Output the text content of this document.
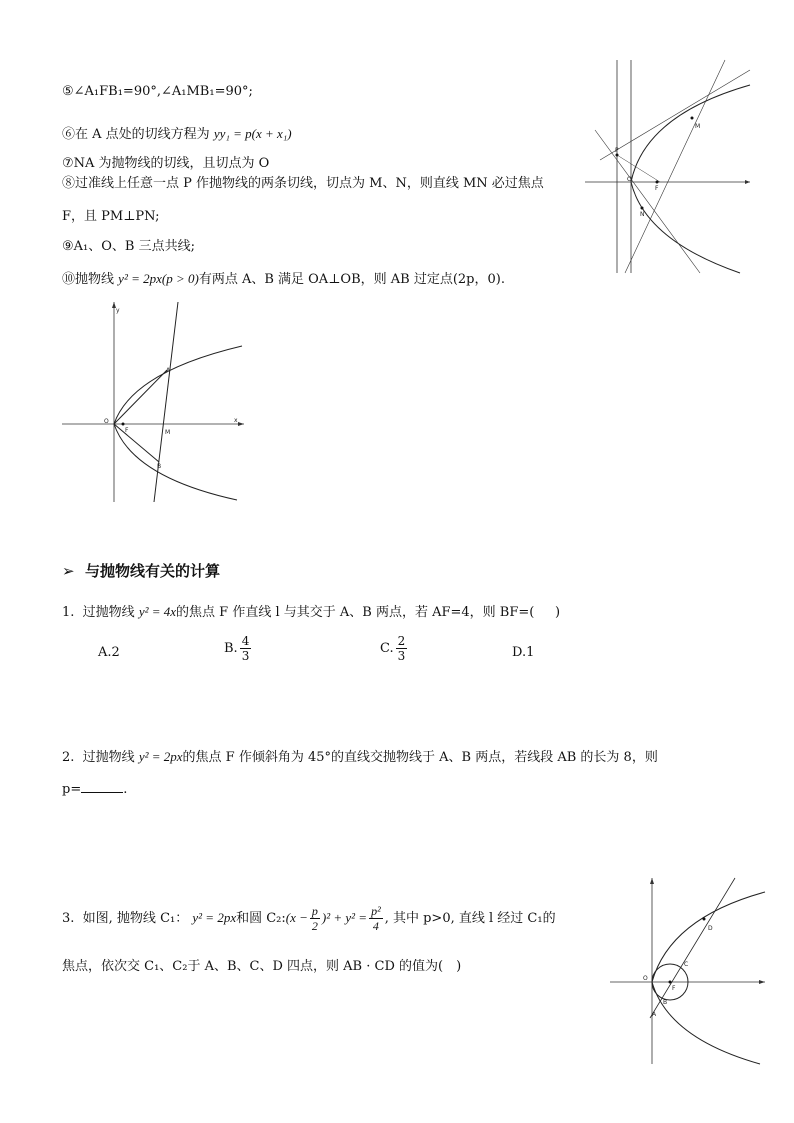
⑤∠A₁FB₁=90°,∠A₁MB₁=90°;
⑥在 A 点处的切线方程为 yy₁ = p(x + x₁)
⑦NA 为抛物线的切线，且切点为 O
⑧过准线上任意一点 P 作抛物线的两条切线，切点为 M、N，则直线 MN 必过焦点
F，且 PM⊥PN;
⑨A₁、O、B 三点共线;
⑩抛物线 y² = 2px(p > 0)有两点 A、B 满足 OA⊥OB，则 AB 过定点(2p，0).
M
N
P
F
O
O
F
A
B
M
x
y
➢ 与抛物线有关的计算
1. 过抛物线 y² = 4x的焦点 F 作直线 l 与其交于 A、B 两点，若 AF=4，则 BF=( )
A.2	B. $\frac{4}{3}$	C. $\frac{2}{3}$	D.1
2. 过抛物线 y² = 2px的焦点 F 作倾斜角为 45°的直线交抛物线于 A、B 两点，若线段 AB 的长为 8，则
p=	.
3. 如图, 抛物线 C₁： y² = 2px和圆 C₂:(x − $\frac{p}{2} )^2 + y^2 = \frac{\text{p²}}{4}$ , 其中 p>0, 直线 l 经过 C₁的
焦点，依次交 C₁、C₂于 A、B、C、D 四点，则 AB · CD 的值为(　)
O
F
A
B
C
D
